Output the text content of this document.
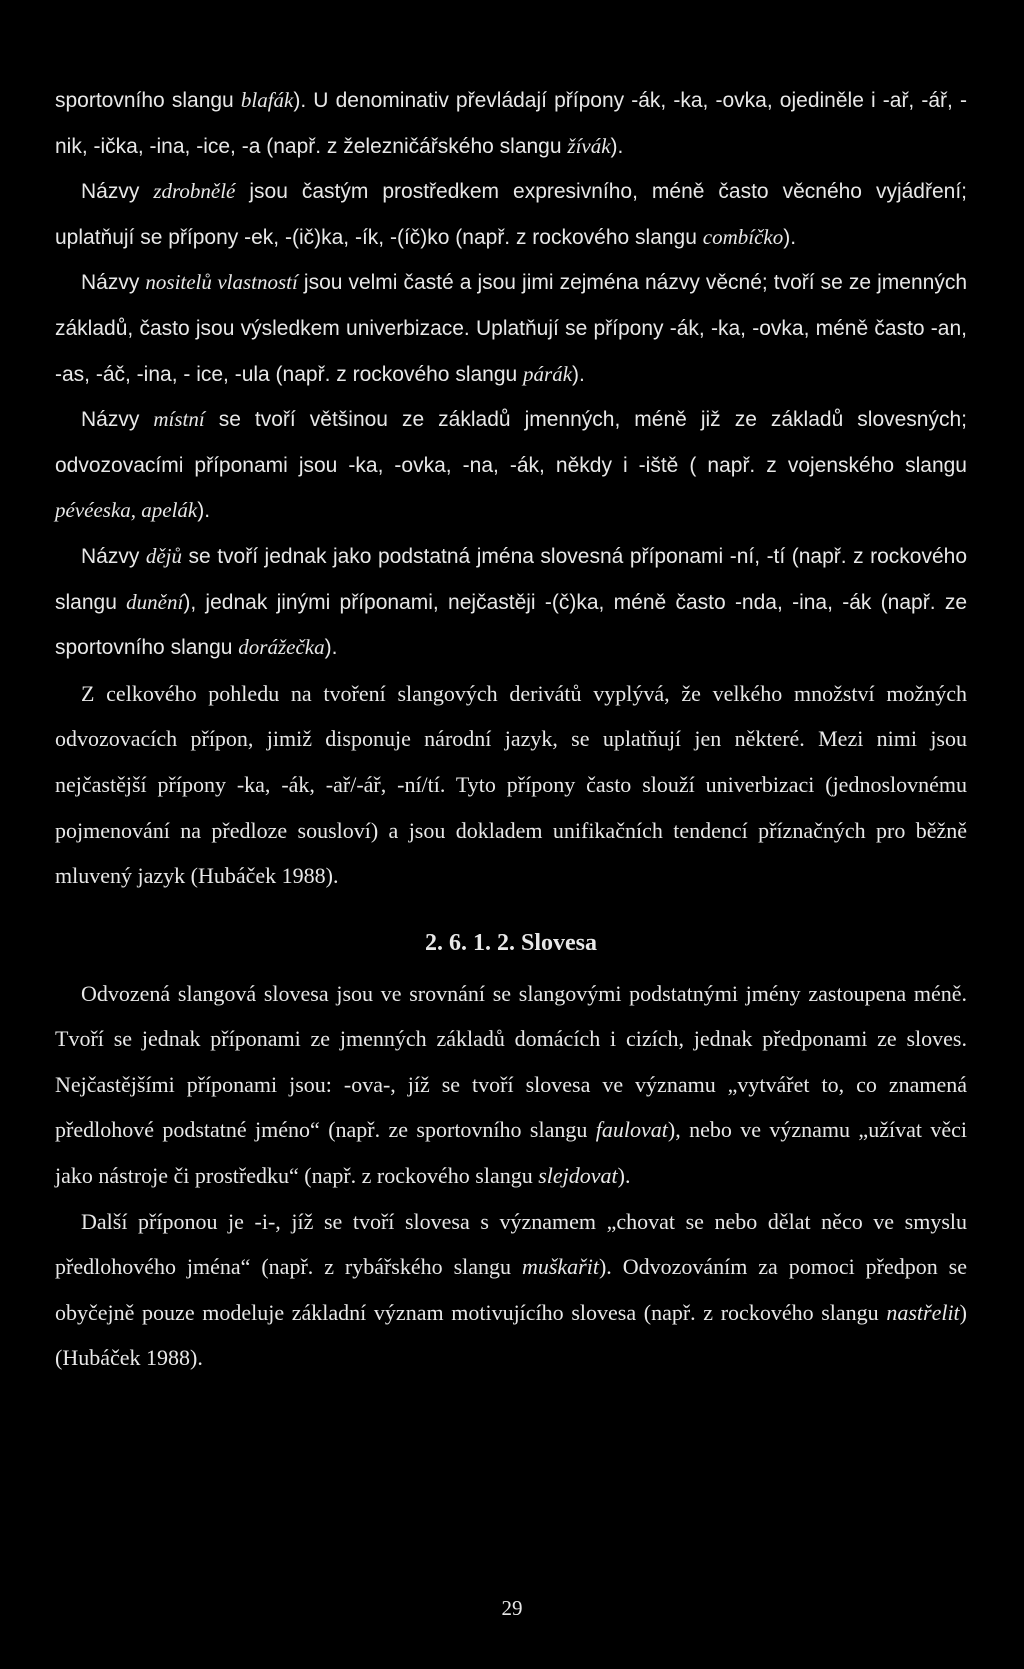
sportovního slangu blafák). U denominativ převládají přípony -ák, -ka, -ovka, ojediněle i -ař, -ář, -nik, -ička, -ina, -ice, -a (např. z železničářského slangu žívák).

Názvy zdrobnělé jsou častým prostředkem expresivního, méně často věcného vyjádření; uplatňují se přípony -ek, -(ič)ka, -ík, -(íč)ko (např. z rockového slangu combíčko).

Názvy nositelů vlastností jsou velmi časté a jsou jimi zejména názvy věcné; tvoří se ze jmenných základů, často jsou výsledkem univerbizace. Uplatňují se přípony -ák, -ka, -ovka, méně často -an, -as, -áč, -ina, - ice, -ula (např. z rockového slangu párák).

Názvy místní se tvoří většinou ze základů jmenných, méně již ze základů slovesných; odvozovacími příponami jsou -ka, -ovka, -na, -ák, někdy i -iště ( např. z vojenského slangu pévéeska, apelák).

Názvy dějů se tvoří jednak jako podstatná jména slovesná příponami -ní, -tí (např. z rockového slangu dunění), jednak jinými příponami, nejčastěji -(č)ka, méně často -nda, -ina, -ák (např. ze sportovního slangu dorážečka).

Z celkového pohledu na tvoření slangových derivátů vyplývá, že velkého množství možných odvozovacích přípon, jimiž disponuje národní jazyk, se uplatňují jen některé. Mezi nimi jsou nejčastější přípony -ka, -ák, -ař/-ář, -ní/tí. Tyto přípony často slouží univerbizaci (jednoslovnému pojmenování na předloze sousloví) a jsou dokladem unifikačních tendencí příznačných pro běžně mluvený jazyk (Hubáček 1988).

2. 6. 1. 2. Slovesa

Odvozená slangová slovesa jsou ve srovnání se slangovými podstatnými jmény zastoupena méně. Tvoří se jednak příponami ze jmenných základů domácích i cizích, jednak předponami ze sloves. Nejčastějšími příponami jsou: -ova-, jíž se tvoří slovesa ve významu „vytvářet to, co znamená předlohové podstatné jméno“ (např. ze sportovního slangu faulovat), nebo ve významu „užívat věci jako nástroje či prostředku“ (např. z rockového slangu slejdovat).

Další příponou je -i-, jíž se tvoří slovesa s významem „chovat se nebo dělat něco ve smyslu předlohového jména“ (např. z rybářského slangu muškařit). Odvozováním za pomoci předpon se obyčejně pouze modeluje základní význam motivujícího slovesa (např. z rockového slangu nastřelit) (Hubáček 1988).

29
